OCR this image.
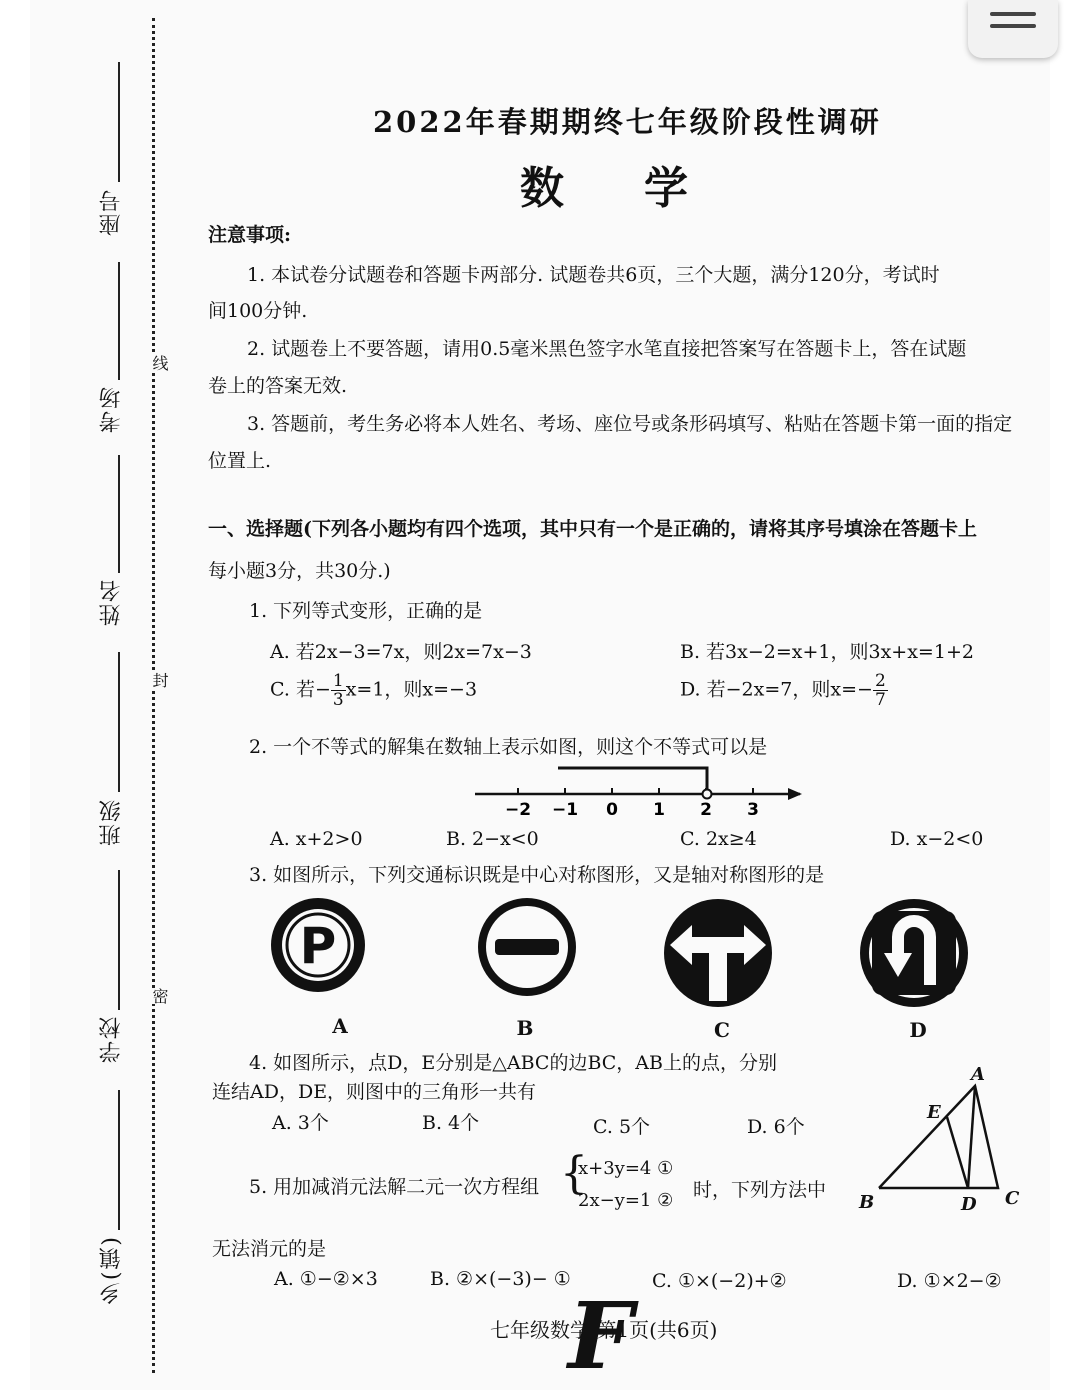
线
封
密
座号
考场
姓名
班级
学校
乡(镇)
2022年春期期终七年级阶段性调研
数学
注意事项:
1. 本试卷分试题卷和答题卡两部分. 试题卷共6页，三个大题，满分120分，考试时
间100分钟.
2. 试题卷上不要答题，请用0.5毫米黑色签字水笔直接把答案写在答题卡上，答在试题
卷上的答案无效.
3. 答题前，考生务必将本人姓名、考场、座位号或条形码填写、粘贴在答题卡第一面的指定
位置上.
一、选择题(下列各小题均有四个选项，其中只有一个是正确的，请将其序号填涂在答题卡上
每小题3分，共30分.)
1. 下列等式变形，正确的是
A. 若2x−3=7x，则2x=7x−3	B. 若3x−2=x+1，则3x+x=1+2
C. 若− $\frac{1}{3} x=1$，则x=−3	D. 若−2x=7，则$x=- \frac{2}{7}$
2. 一个不等式的解集在数轴上表示如图，则这个不等式可以是
−2 −1 0 1 2 3
A. x+2>0	B. 2−x<0	C. 2x≥4	D. x−2<0
3. 如图所示，下列交通标识既是中心对称图形，又是轴对称图形的是
P
A	B	C	D
4. 如图所示，点D，E分别是△ABC的边BC，AB上的点，分别
连结AD，DE，则图中的三角形一共有
A. 3个	B. 4个	C. 5个	D. 6个
A
E
B	D C
5. 用加减消元法解二元一次方程组 {
x+3y=4 ①
2x−y=1 ② 时，下列方法中
无法消元的是
A. ①−②×3	B. ②×(−3)− ①	C. ①×(−2)+②	D. ①×2−②
七年级数学 第1页(共6页)
F
